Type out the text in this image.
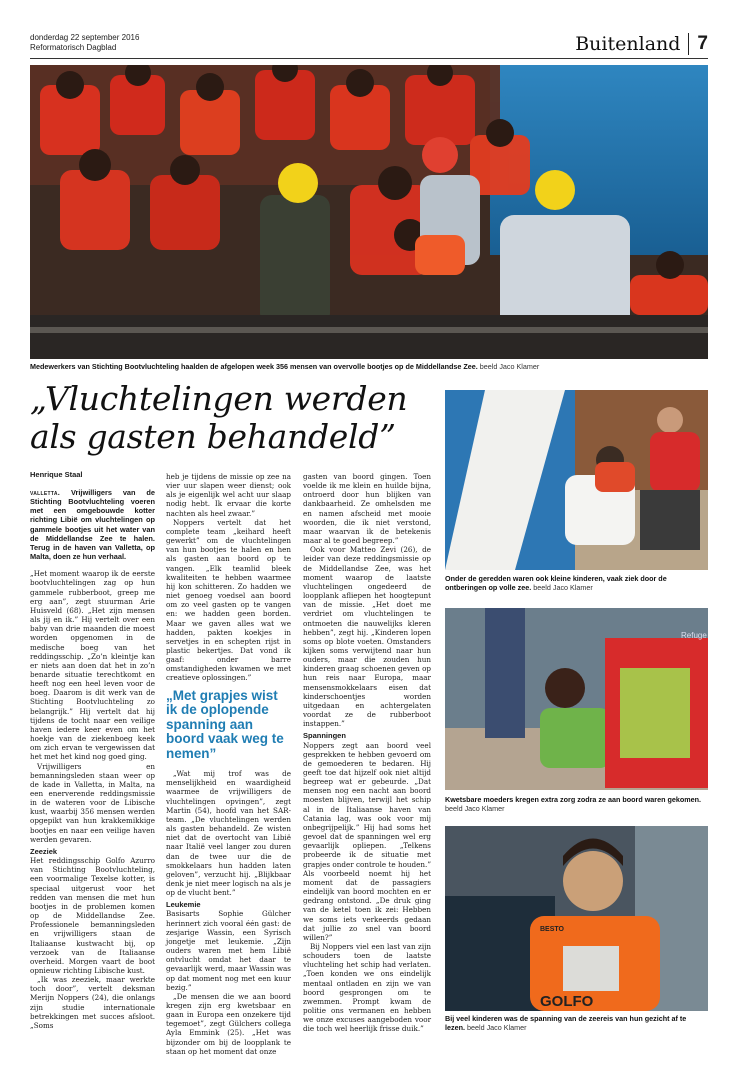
donderdag 22 september 2016
Reformatorisch Dagblad	Buitenland 7
Medewerkers van Stichting Bootvluchteling haalden de afgelopen week 356 mensen van overvolle bootjes op de Middellandse Zee. beeld Jaco Klamer
„Vluchtelingen werden als gasten behandeld”
Henrique Staal

valletta. Vrijwilligers van de Stichting Bootvluchteling voeren met een omgebouwde kotter richting Libië om vluchtelingen op gammele bootjes uit het water van de Middellandse Zee te halen. Terug in de haven van Valletta, op Malta, doen ze hun verhaal.

„Het moment waarop ik de eerste bootvluchtelingen zag op hun gammele rubberboot, greep me erg aan”, zegt stuurman Arie Huisveld (68). „Het zijn mensen als jij en ik.” Hij vertelt over een baby van drie maanden die moest worden opgenomen in de medische boeg van het reddingsschip. „Zo’n kleintje kan er niets aan doen dat het in zo’n benarde situatie terechtkomt en heeft nog een heel leven voor de boeg. Daarom is dit werk van de Stichting Bootvluchteling zo belangrijk.” Hij vertelt dat hij tijdens de tocht naar een veilige haven iedere keer even om het hoekje van de ziekenboeg keek om zich ervan te vergewissen dat het met het kind nog goed ging.

Vrijwilligers en bemanningsleden staan weer op de kade in Valletta, in Malta, na een enerverende reddingsmissie in de wateren voor de Libische kust, waarbij 356 mensen werden opgepikt van hun krakkemikkige bootjes en naar een veilige haven werden gevaren.

Zeeziek

Het reddingsschip Golfo Azurro van Stichting Bootvluchteling, een voormalige Texelse kotter, is speciaal uitgerust voor het redden van mensen die met hun bootjes in de problemen komen op de Middellandse Zee. Professionele bemanningsleden en vrijwilligers staan de Italiaanse kustwacht bij, op verzoek van de Italiaanse overheid. Morgen vaart de boot opnieuw richting Libische kust.

„Ik was zeeziek, maar werkte toch door”, vertelt deksman Merijn Noppers (24), die onlangs zijn studie internationale betrekkingen met succes afsloot. „Soms

heb je tijdens de missie op zee na vier uur slapen weer dienst; ook als je eigenlijk wel acht uur slaap nodig hebt. Ik ervaar die korte nachten als heel zwaar.”

Noppers vertelt dat het complete team „keihard heeft gewerkt” om de vluchtelingen van hun bootjes te halen en hen als gasten aan boord op te vangen. „Elk teamlid bleek kwaliteiten te hebben waarmee hij kon schitteren. Zo hadden we niet genoeg voedsel aan boord om zo veel gasten op te vangen en: we hadden geen borden. Maar we gaven alles wat we hadden, pakten koekjes in servetjes in en schepten rijst in plastic bekertjes. Dat vond ik gaaf: onder barre omstandigheden kwamen we met creatieve oplossingen.”

„Met grapjes wist ik de oplopende spanning aan boord vaak weg te nemen”

„Wat mij trof was de menselijkheid en waardigheid waarmee de vrijwilligers de vluchtelingen opvingen”, zegt Martin (54), hoofd van het SAR-team. „De vluchtelingen werden als gasten behandeld. Ze wisten niet dat de overtocht van Libië naar Italië veel langer zou duren dan de twee uur die de smokkelaars hun hadden laten geloven”, verzucht hij. „Blijkbaar denk je niet meer logisch na als je op de vlucht bent.”

Leukemie

Basisarts Sophie Gülcher herinnert zich vooral één gast: de zesjarige Wassin, een Syrisch jongetje met leukemie. „Zijn ouders waren met hem Libië ontvlucht omdat het daar te gevaarlijk werd, maar Wassin was op dat moment nog met een kuur bezig.”

„De mensen die we aan boord kregen zijn erg kwetsbaar en gaan in Europa een onzekere tijd tegemoet”, zegt Gülchers collega Ayla Emmink (25). „Het was bijzonder om bij de loopplank te staan op het moment dat onze

gasten van boord gingen. Toen voelde ik me klein en huilde bijna, ontroerd door hun blijken van dankbaarheid. Ze omhelsden me en namen afscheid met mooie woorden, die ik niet verstond, maar waarvan ik de betekenis maar al te goed begreep.”

Ook voor Matteo Zevi (26), de leider van deze reddingsmissie op de Middellandse Zee, was het moment waarop de laatste vluchtelingen ongedeerd de loopplank afliepen het hoogtepunt van de missie. „Het doet me verdriet om vluchtelingen te ontmoeten die nauwelijks kleren hebben”, zegt hij. „Kinderen lopen soms op blote voeten. Omstanders kijken soms verwijtend naar hun ouders, maar die zouden hun kinderen graag schoenen geven op hun reis naar Europa, maar mensensmokkelaars eisen dat kinderschoentjes worden uitgedaan en achtergelaten voordat ze de rubberboot instappen.”

Spanningen

Noppers zegt aan boord veel gesprekken te hebben gevoerd om de gemoederen te bedaren. Hij geeft toe dat hijzelf ook niet altijd begreep wat er gebeurde. „Dat mensen nog een nacht aan boord moesten blijven, terwijl het schip al in de Italiaanse haven van Catania lag, was ook voor mij onbegrijpelijk.” Hij had soms het gevoel dat de spanningen wel erg gevaarlijk opliepen. „Telkens probeerde ik de situatie met grapjes onder controle te houden.” Als voorbeeld noemt hij het moment dat de passagiers eindelijk van boord mochten en er gedrang ontstond. „De druk ging van de ketel toen ik zei: Hebben we soms iets verkeerds gedaan dat jullie zo snel van boord willen?”

Bij Noppers viel een last van zijn schouders toen de laatste vluchteling het schip had verlaten. „Toen konden we ons eindelijk mentaal ontladen en zijn we van boord gesprongen om te zwemmen. Prompt kwam de politie ons vermanen en hebben we onze excuses aangeboden voor die toch wel heerlijk frisse duik.”

Onder de geredden waren ook kleine kinderen, vaak ziek door de ontberingen op volle zee. beeld Jaco Klamer
Refuge
Kwetsbare moeders kregen extra zorg zodra ze aan boord waren gekomen. beeld Jaco Klamer
BESTO
GOLFO
Bij veel kinderen was de spanning van de zeereis van hun gezicht af te lezen. beeld Jaco Klamer
